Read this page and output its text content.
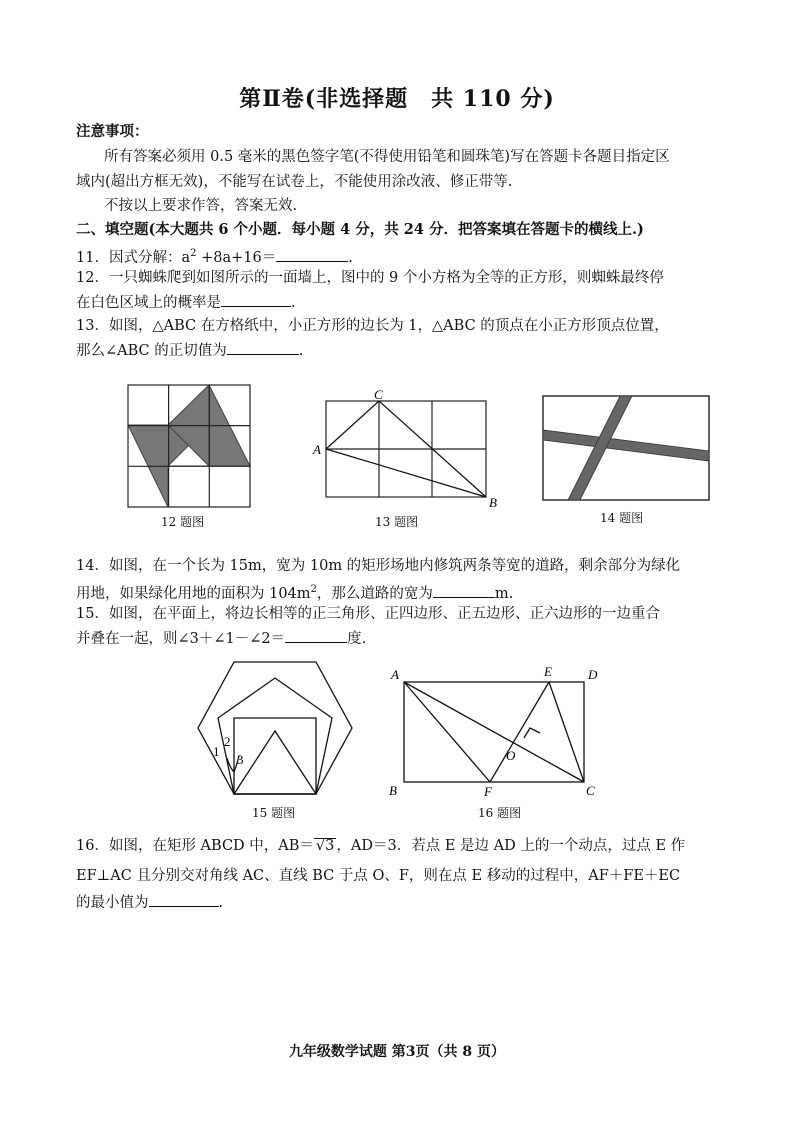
第Ⅱ卷(非选择题　共 110 分)
注意事项：
所有答案必须用 0.5 毫米的黑色签字笔(不得使用铅笔和圆珠笔)写在答题卡各题目指定区
域内(超出方框无效)，不能写在试卷上，不能使用涂改液、修正带等.
不按以上要求作答，答案无效.
二、填空题(本大题共 6 个小题．每小题 4 分，共 24 分．把答案填在答题卡的横线上.)
11．因式分解：$a^2 +8a+16=$	.
12．一只蜘蛛爬到如图所示的一面墙上，图中的 9 个小方格为全等的正方形，则蜘蛛最终停
在白色区域上的概率是	.
13．如图，△ABC 在方格纸中，小正方形的边长为 1，△ABC 的顶点在小正方形顶点位置，
那么∠ABC 的正切值为	.
12 题图
A
C
B
13 题图	14 题图
14．如图，在一个长为 15m，宽为 10m 的矩形场地内修筑两条等宽的道路，剩余部分为绿化
用地，如果绿化用地的面积为 $104m^2$，那么道路的宽为	m.
15．如图，在平面上，将边长相等的正三角形、正四边形、正五边形、正六边形的一边重合
并叠在一起，则∠3＋∠1－∠2＝	度.
1
2
3
15 题图
A	E	D
B	F	C
O
16 题图
16．如图，在矩形 ABCD 中，AB＝ √3 ，AD＝3．若点 E 是边 AD 上的一个动点，过点 E 作
EF⊥AC 且分别交对角线 AC、直线 BC 于点 O、F，则在点 E 移动的过程中，AF＋FE＋EC
的最小值为	.
九年级数学试题 第3页（共 8 页）
